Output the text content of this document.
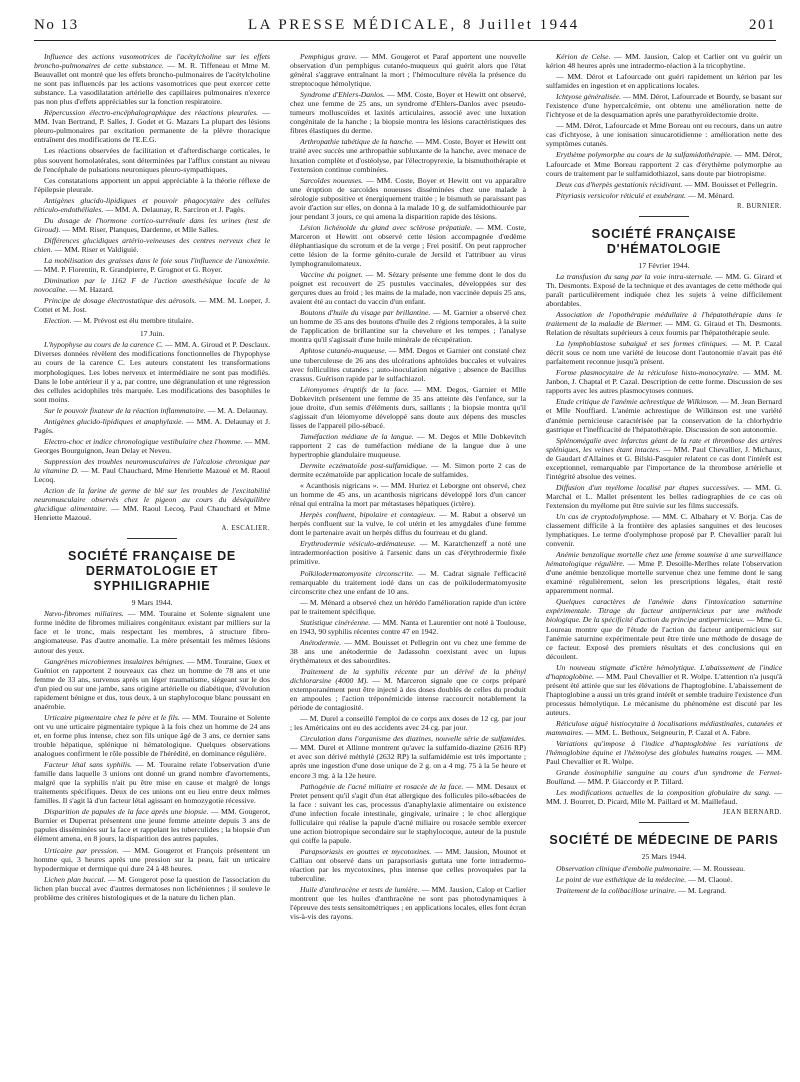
No 13	LA PRESSE MÉDICALE, 8 Juillet 1944	201

Influence des actions vasomotrices de l'acétylcholine sur les effets broncho-pulmonaires de cette substance. — M. R. Tiffeneau et Mme M. Beauvallet ont montré que les effets broncho-pulmonaires de l'acétylcholine ne sont pas influencés par les actions vasomotrices que peut exercer cette substance. La vasodilatation artérielle des capillaires pulmonaires n'exerce pas non plus d'effets appréciables sur la fonction respiratoire.

Répercussion électro-encéphalographique des réactions pleurales. — MM. Ivan Bertrand, P. Salles, J. Godet et G. Mazars La plupart des lésions pleuro-pulmonaires par excitation permanente de la plèvre thoracique entraînent des modifications de l'E.E.G.

Les réactions observées de facilitation et d'afterdischarge corticales, le plus souvent homolatérales, sont déterminées par l'afflux constant au niveau de l'encéphale de pulsations neuroniques pleuro-sympathiques.

Ces constatations apportent un appui appréciable à la théorie réflexe de l'épilepsie pleurale.

Antigènes glucido-lipidiques et pouvoir phagocytaire des cellules réticulo-endothéliales. — MM. A. Delaunay, R. Sarciron et J. Pagès.

Du dosage de l'hormone cortico-surrénale dans les urines (test de Giroud). — MM. Riser, Planques, Dardenne, et Mlle Salles.

Différences glucidiques artério-veineuses des centres nerveux chez le chien. — MM. Riser et Valdiguié.

La mobilisation des graisses dans le foie sous l'influence de l'anoxémie. — MM. P. Florentin, R. Grandpierre, P. Grognot et G. Royer.

Diminution par le 1162 F de l'action anesthésique locale de la novocaïne. — M. Hazard.

Principe de dosage électrostatique des aérosols. — MM. M. Loeper, J. Cottet et M. Jost.

Election. — M. Prévost est élu membre titulaire.

17 Juin.

L'hypophyse au cours de la carence C. — MM. A. Giroud et P. Desclaux. Diverses données révèlent des modifications fonctionnelles de l'hypophyse au cours de la carence C. Les auteurs constatent les transformations morphologiques. Les lobes nerveux et intermédiaire ne sont pas modifiés. Dans le lobe antérieur il y a, par contre, une dégranulation et une régression des cellules acidophiles très marquée. Les modifications des basophiles le sont moins.

Sur le pouvoir fixateur de la réaction inflammatoire. — M. A. Delaunay.

Antigènes glucido-lipidiques et anaphylaxie. — MM. A. Delaunay et J. Pagès.

Electro-choc et indice chronologique vestibulaire chez l'homme. — MM. Georges Bourguignon, Jean Delay et Neveu.

Suppression des troubles neuromusculaires de l'alcalose chronique par la vitamine D. — M. Paul Chauchard, Mme Henriette Mazoué et M. Raoul Lecoq.

Action de la farine de germe de blé sur les troubles de l'excitabilité neuromusculaire observés chez le pigeon au cours du déséquilibre glucidique alimentaire. — MM. Raoul Lecoq, Paul Chauchard et Mme Henriette Mazoué.

A. ESCALIER.

SOCIÉTÉ FRANÇAISE DE DERMATOLOGIE ET SYPHILIGRAPHIE

9 Mars 1944.

Nævo-fibromes miliaires. — MM. Touraine et Solente signalent une forme inédite de fibromes miliaires congénitaux existant par milliers sur la face et le tronc, mais respectant les membres, à structure fibro-angiomateuse. Pas d'autre anomalie. La mère présentait les mêmes lésions autour des yeux.

Gangrènes microbiennes insulaires bénignes. — MM. Touraine, Guex et Guéniot en rapportent 2 nouveaux cas chez un homme de 78 ans et une femme de 33 ans, survenus après un léger traumatisme, siégeant sur le dos d'un pied ou sur une jambe, sans origine artérielle ou diabétique, d'évolution rapidement bénigne et dus, tous deux, à un staphylocoque blanc poussant en anaérobie.

Urticaire pigmentaire chez le père et le fils. — MM. Touraine et Solente ont vu une urticaire pigmentaire typique à la fois chez un homme de 24 ans et, en forme plus intense, chez son fils unique âgé de 3 ans, ce dernier sans trouble hépatique, splénique ni hématologique. Quelques observations analogues confirment le rôle possible de l'hérédité, en dominance régulière.

Facteur létal sans syphilis. — M. Touraine relate l'observation d'une famille dans laquelle 3 unions ont donné un grand nombre d'avortements, malgré que la syphilis n'ait pu être mise en cause et malgré de longs traitements spécifiques. Deux de ces unions ont eu lieu entre deux mêmes familles. Il s'agit là d'un facteur létal agissant en homozygotie récessive.

Disparition de papules de la face après une biopsie. — MM. Gougerot, Burnier et Duperrat présentent une jeune femme atteinte depuis 3 ans de papules disséminées sur la face et rappelant les tuberculides ; la biopsie d'un élément amena, en 8 jours, la disparition des autres papules.

Urticaire par pression. — MM. Gougerot et François présentent un homme qui, 3 heures après une pression sur la peau, fait un urticaire hypodermique et dermique qui dure 24 à 48 heures.

Lichen plan buccal. — M. Gougerot pose la question de l'association du lichen plan buccal avec d'autres dermatoses non lichéniennes ; il souleve le problème des critères histologiques et de la nature du lichen plan.

Pemphigus grave. — MM. Gougerot et Paraf apportent une nouvelle observation d'un pemphigus cutanéo-muqueux qui guérit alors que l'état général s'aggrave entraînant la mort ; l'hémoculture révéla la présence du streptocoque hémolytique.

Syndrome d'Ehlers-Danlos. — MM. Coste, Boyer et Hewitt ont observé, chez une femme de 25 ans, un syndrome d'Ehlers-Danlos avec pseudo-tumeurs molluscoïdes et laxités articulaires, associé avec une luxation congénitale de la hanche ; la biopsie montra les lésions caractéristiques des fibres élastiques du derme.

Arthropathie tabétique de la hanche. — MM. Coste, Boyer et Hewitt ont traité avec succès une arthropathie subluxante de la hanche, avec menace de luxation complète et d'ostéolyse, par l'électropyrexie, la bismuthothérapie et l'extension continue combinées.

Sarcoïdes noueuses. — MM. Coste, Boyer et Hewitt ont vu apparaître une éruption de sarcoïdes noueuses disséminées chez une malade à sérologie subpositive et énergiquement traitée ; le bismuth se paraissant pas avoir d'action sur elles, on donna à la malade 10 g. de sulfamidothiourée par jour pendant 3 jours, ce qui amena la disparition rapide des lésions.

Lésion lichénoïde du gland avec sclérose prépatiale. — MM. Coste, Marceron et Hewitt ont observé cette lésion accompagnée d'œdème éléphantiasique du scrotum et de la verge ; Frei positif. On peut rapprocher cette lésion de la forme génito-curale de Jersild et l'attribuer au virus lymphogranulomateux.

Vaccine du poignet. — M. Sézary présente une femme dont le dos du poignet est recouvert de 25 pustules vaccinales, développées sur des gerçures dues au froid ; les mains de la malade, non vaccinée depuis 25 ans, avaient été au contact du vaccin d'un enfant.

Boutons d'huile du visage par brillantine. — M. Garnier a observé chez un homme de 35 ans des boutons d'huile des 2 régions temporales, à la suite de l'application de brillantine sur la chevelure et les tempes ; l'analyse montra qu'il s'agissait d'une huile minérale de récupération.

Aphtose cutanéo-muqueuse. — MM. Degos et Garnier ont constaté chez une tuberculeuse de 26 ans des ulcérations aphtoïdes buccales et vulvaires avec folliculites cutanées ; auto-inoculation négative ; absence de Bacillus crassus. Guérison rapide par le sulfachiazol.

Léiomyomes éruptifs de la face. — MM. Degos, Garnier et Mlle Dobkevitch présentent une femme de 35 ans atteinte dès l'enfance, sur la joue droite, d'un semis d'éléments durs, saillants ; la biopsie montra qu'il s'agissait d'un léiomyome développé sans doute aux dépens des muscles lisses de l'appareil pilo-sébacé.

Tuméfaction médiane de la langue. — M. Degos et Mlle Dobkevitch rapportent 2 cas de tuméfaction médiane de la langue due à une hypertrophie glandulaire muqueuse.

Dermite eczématoïde post-sulfamidique. — M. Simon porte 2 cas de dermite eczématoïde par application locale de sulfamides.

« Acanthosis nigricans ». — MM. Huriez et Leborgne ont observé, chez un homme de 45 ans, un acanthosis nigricans développé lors d'un cancer rénal qui entraîna la mort par métastases hépatiques (ictère).

Herpès confluent, bipolaire et contagieux. — M. Rabut a observé un herpès confluent sur la vulve, le col utérin et les amygdales d'une femme dont le partenaire avait un herpès diffus du fourreau et du gland.

Erythrodermie vésiculo-œdémateuse. — M. Karatchenzeff a noté une intradermoréaction positive à l'arsenic dans un cas d'érythrodermie fixée primitive.

Poïkilodermatomyosite circonscrite. — M. Cadrat signale l'efficacité remarquable du traitement iodé dans un cas de poïkilodermatomyosite circonscrite chez une enfant de 10 ans.

— M. Ménard a observé chez un hérédo l'amélioration rapide d'un ictère par le traitement spécifique.

Statistique cinéréenne. — MM. Nanta et Laurentier ont noté à Toulouse, en 1943, 90 syphilis récentes contre 47 en 1942.

Anétodermie. — MM. Bouisset et Pellegrin ont vu chez une femme de 38 ans une anétodermie de Jadassohn coexistant avec un lupus érythémateux et des sabourdites.

Traitement de la syphilis récente par un dérivé de la phényl dichlorarsine (4000 M). — M. Marceron signale que ce corps préparé extemporanément peut être injecté à des doses doublés de celles du produit en ampoules ; l'action tréponémicide intense raccourcit notablement la période de contagiosité.

— M. Durel a conseillé l'emploi de ce corps aux doses de 12 cg. par jour ; les Américains ont eu des accidents avec 24 cg. par jour.

Circulation dans l'organisme des diazines, nouvelle série de sulfamides. — MM. Durel et Allinne montrent qu'avec la sulfamido-diazine (2616 RP) et avec son dérivé méthylé (2632 RP) la sulfamidémie est très importante ; après une ingestion d'une dose unique de 2 g. on a 4 mg. 75 à la 5e heure et encore 3 mg. à la 12e heure.

Pathogénie de l'acné miliaire et rosacée de la face. — MM. Desaux et Pretet pensent qu'il s'agit d'un état allergique des follicules pilo-sébacées de la face : suivant les cas, processus d'anaphylaxie alimentaire ou existence d'une infection focale intestinale, gingivale, urinaire ; le choc allergique folliculaire qui réalise la papule d'acné miliaire ou rosacée semble exercer une action biotropique secondaire sur le staphylocoque, auteur de la pustule qui coiffe la papule.

Parapsoriasis en gouttes et mycotoxines. — MM. Jausion, Mounot et Calliau ont observé dans un parapsoriasis guttata une forte intradermo-réaction par les mycotoxines, plus intense que celles provoquées par la tuberculine.

Huile d'anthracène et tests de lumière. — MM. Jausion, Calop et Carlier montrent que les huiles d'anthracène ne sont pas photodynamiques à l'épreuve des tests sensitométriques ; en applications locales, elles font écran vis-à-vis des rayons.

Kérion de Celse. — MM. Jausion, Calop et Carlier ont vu guérir un kérion 48 heures après une intradermo-réaction à la tricophytine.

— MM. Dérot et Lafourcade ont guéri rapidement un kérion par les sulfamides en ingestion et en applications locales.

Ichtyose généralisée. — MM. Dérot, Lafourcade et Bourdy, se basant sur l'existence d'une hypercalcémie, ont obtenu une amélioration nette de l'ichtyose et de la desquamation après une parathyroïdectomie droite.

— MM. Dérot, Lafourcade et Mme Boreau ont eu recours, dans un autre cas d'ichtyose, à une ionisation sinucarotidienne : amélioration nette des symptômes cutanés.

Erythème polymorphe au cours de la sulfamidothérapie. — MM. Dérot, Lafourcade et Mme Boreau rapportent 2 cas d'érythème polymorphe au cours de traitement par le sulfamidothiazol, sans doute par biotropisme.

Deux cas d'herpès gestationis récidivant. — MM. Bouisset et Pellegrin.

Pityriasis versicolor réticulé et exubérant. — M. Ménard.

R. BURNIER.

SOCIÉTÉ FRANÇAISE D'HÉMATOLOGIE

17 Février 1944.

La transfusion du sang par la voie intra-sternale. — MM. G. Girard et Th. Desmonts. Exposé de la technique et des avantages de cette méthode qui paraît particulièrement indiquée chez les sujets à veine difficilement abordables.

Association de l'opothérapie médullaire à l'hépatothérapie dans le traitement de la maladie de Biermer. — MM. G. Giraud et Th. Desmonts. Relation de résultats supérieurs à ceux fournis par l'hépatothérapie seule.

La lymphoblastose subaiguë et ses formes cliniques. — M. P. Cazal décrit sous ce nom une variété de leucose dont l'autonomie n'avait pas été parfaitement reconnue jusqu'à présent.

Forme plasmocytaire de la réticulose histo-monocytaire. — MM. M. Janbon, J. Chaptal et P. Cazal. Description de cette forme. Discussion de ses rapports avec les autres plasmocytoses connues.

Etude critique de l'anémie achrestique de Wilkinson. — M. Jean Bernard et Mlle Nouffiard. L'anémie achrestique de Wilkinson est une variété d'anémie pernicieuse caractérisée par la conservation de la chlorhydrie gastrique et l'inefficacité de l'hépatothérapie. Discussion de son autonomie.

Splénomégalie avec infarctus géant de la rate et thrombose des artères spléniques, les veines étant intactes. — MM. Paul Chevallier, J. Michaux, de Gaudart d'Allaines et G. Bilski-Pasquier relatent ce cas dont l'intérêt est exceptionnel, remarquable par l'importance de la thrombose artérielle et l'intégrité absolue des veines.

Diffusion d'un myélome localisé par étapes successives. — MM. G. Marchal et L. Mallet présentent les belles radiographies de ce cas où l'extension du myélome put être suivie sur les films successifs.

Un cas de cryptodolymphose. — MM. C. Albahary et V. Borja. Cas de classement difficile à la frontière des aplasies sanguines et des leucoses lymphatiques. Le terme d'oolymphose proposé par P. Chevallier paraît lui convenir.

Anémie benzolique mortelle chez une femme soumise à une surveillance hématologique régulière. — Mme P. Desoille-Merlhes relate l'observation d'une anémie benzolique mortelle survenue chez une femme dont le sang examiné régulièrement, selon les prescriptions légales, était resté apparemment normal.

Quelques caractères de l'anémie dans l'intoxication saturnine expérimentale. Titrage du facteur antipernicieux par une méthode biologique. De la spécificité d'action du principe antipernicieux. — Mme G. Loureau montre que de l'étude de l'action du facteur antipernicieux sur l'anémie saturnine expérimentale peut être tirée une méthode de dosage de ce facteur. Exposé des premiers résultats et des conclusions qui en découlent.

Un nouveau stigmate d'ictère hémolytique. L'abaissement de l'indice d'haptoglobine. — MM. Paul Chevallier et R. Wolpe. L'attention n'a jusqu'à présent été attirée que sur les élévations de l'haptoglobine. L'abaissement de l'haptoglobine a aussi un très grand intérêt et semble traduire l'existence d'un processus hémolytique. Le mécanisme du phénomène est discuté par les auteurs.

Réticulose aiguë histiocytaire à localisations médiastinales, cutanées et mammaires. — MM. L. Bethoux, Seigneurin, P. Cazal et A. Fabre.

Variations qu'impose à l'indice d'haptoglobine les variations de l'hémoglobine équine et l'hémolyse des globules humains rouges. — MM. Paul Chevallier et R. Wolpe.

Grande éosinophilie sanguine au cours d'un syndrome de Fernet-Boulland. — MM. P. Giaccordy et P. Tillard.

Les modifications actuelles de la composition globulaire du sang. — MM. J. Bourret, D. Picard, Mlle M. Paillard et M. Maillefaud.

JEAN BERNARD.

SOCIÉTÉ DE MÉDECINE DE PARIS

25 Mars 1944.

Observation clinique d'embolie pulmonaire. — M. Rousseau.

Le point de vue esthétique de la médecine. — M. Claoué.

Traitement de la colibacillose urinaire. — M. Legrand.
